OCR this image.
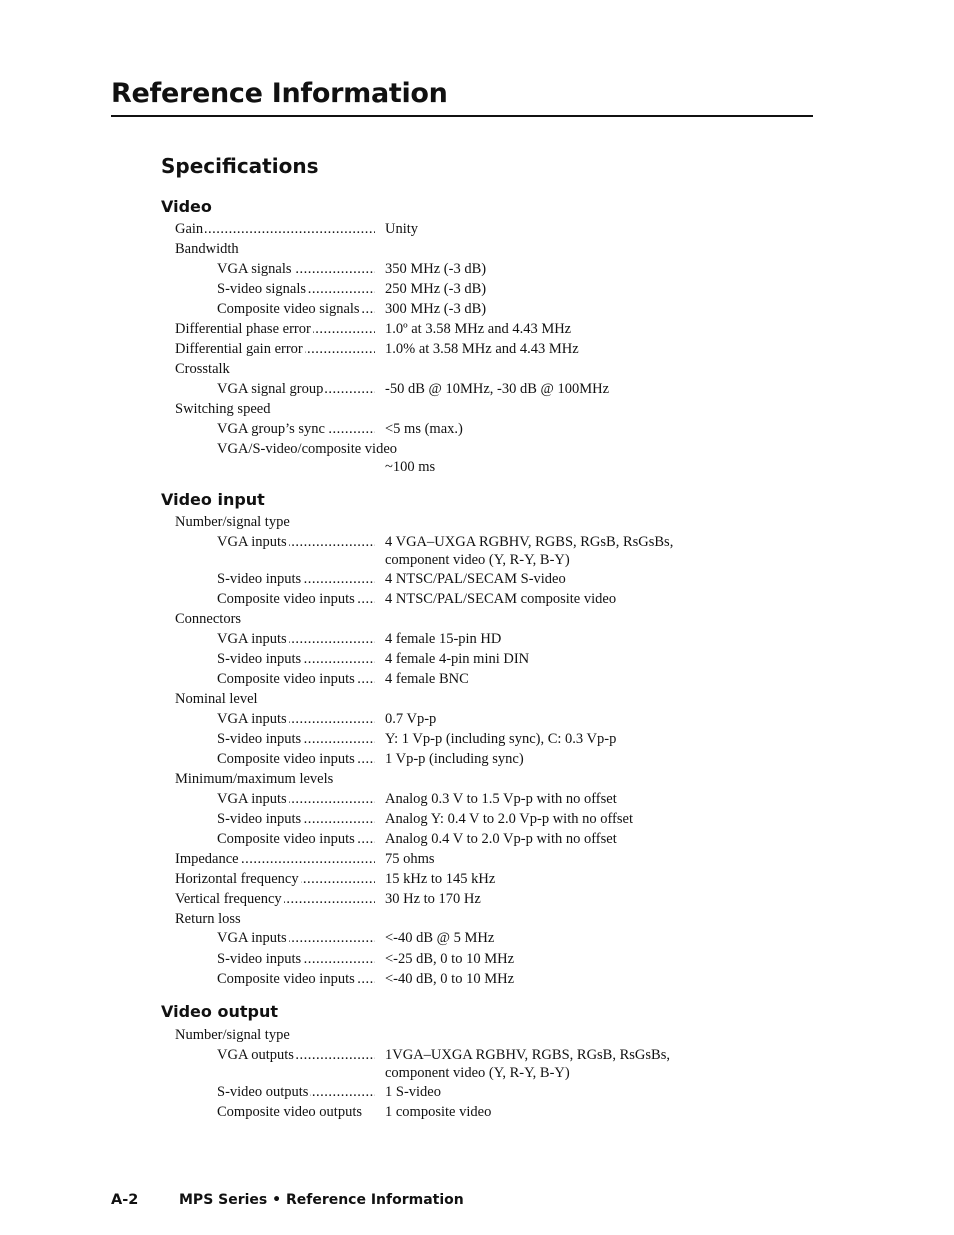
Reference Information
Specifications
Video
Video input
Video output
Gain .....	Unity
Bandwidth
VGA signals .....	350 MHz (-3 dB)
S-video signals .....	250 MHz (-3 dB)
Composite video signals .....	300 MHz (-3 dB)
Differential phase error .....	1.0º at 3.58 MHz and 4.43 MHz
Differential gain error .....	1.0% at 3.58 MHz and 4.43 MHz
Crosstalk
VGA signal group .....	-50 dB @ 10MHz, -30 dB @ 100MHz
Switching speed
VGA group’s sync .....	<5 ms (max.)
VGA/S-video/composite video

~100 ms
Number/signal type
VGA inputs .....	4 VGA–UXGA RGBHV, RGBS, RGsB, RsGsBs,
component video (Y, R-Y, B-Y)
S-video inputs .....	4 NTSC/PAL/SECAM S-video
Composite video inputs .....	4 NTSC/PAL/SECAM composite video
Connectors
VGA inputs .....	4 female 15-pin HD
S-video inputs .....	4 female 4-pin mini DIN
Composite video inputs .....	4 female BNC
Nominal level
VGA inputs .....	0.7 Vp-p
S-video inputs .....	Y: 1 Vp-p (including sync), C: 0.3 Vp-p
Composite video inputs .....	1 Vp-p (including sync)
Minimum/maximum levels
VGA inputs .....	Analog 0.3 V to 1.5 Vp-p with no offset
S-video inputs .....	Analog Y: 0.4 V to 2.0 Vp-p with no offset
Composite video inputs .....	Analog 0.4 V to 2.0 Vp-p with no offset
Impedance .....	75 ohms
Horizontal frequency .....	15 kHz to 145 kHz
Vertical frequency .....	30 Hz to 170 Hz
Return loss
VGA inputs .....	<-40 dB @ 5 MHz
S-video inputs .....	<-25 dB, 0 to 10 MHz
Composite video inputs .....	<-40 dB, 0 to 10 MHz
Number/signal type
VGA outputs .....	1VGA–UXGA RGBHV, RGBS, RGsB, RsGsBs,
component video (Y, R-Y, B-Y)
S-video outputs .....	1 S-video
Composite video outputs	1 composite video
A-2	MPS Series • Reference Information
